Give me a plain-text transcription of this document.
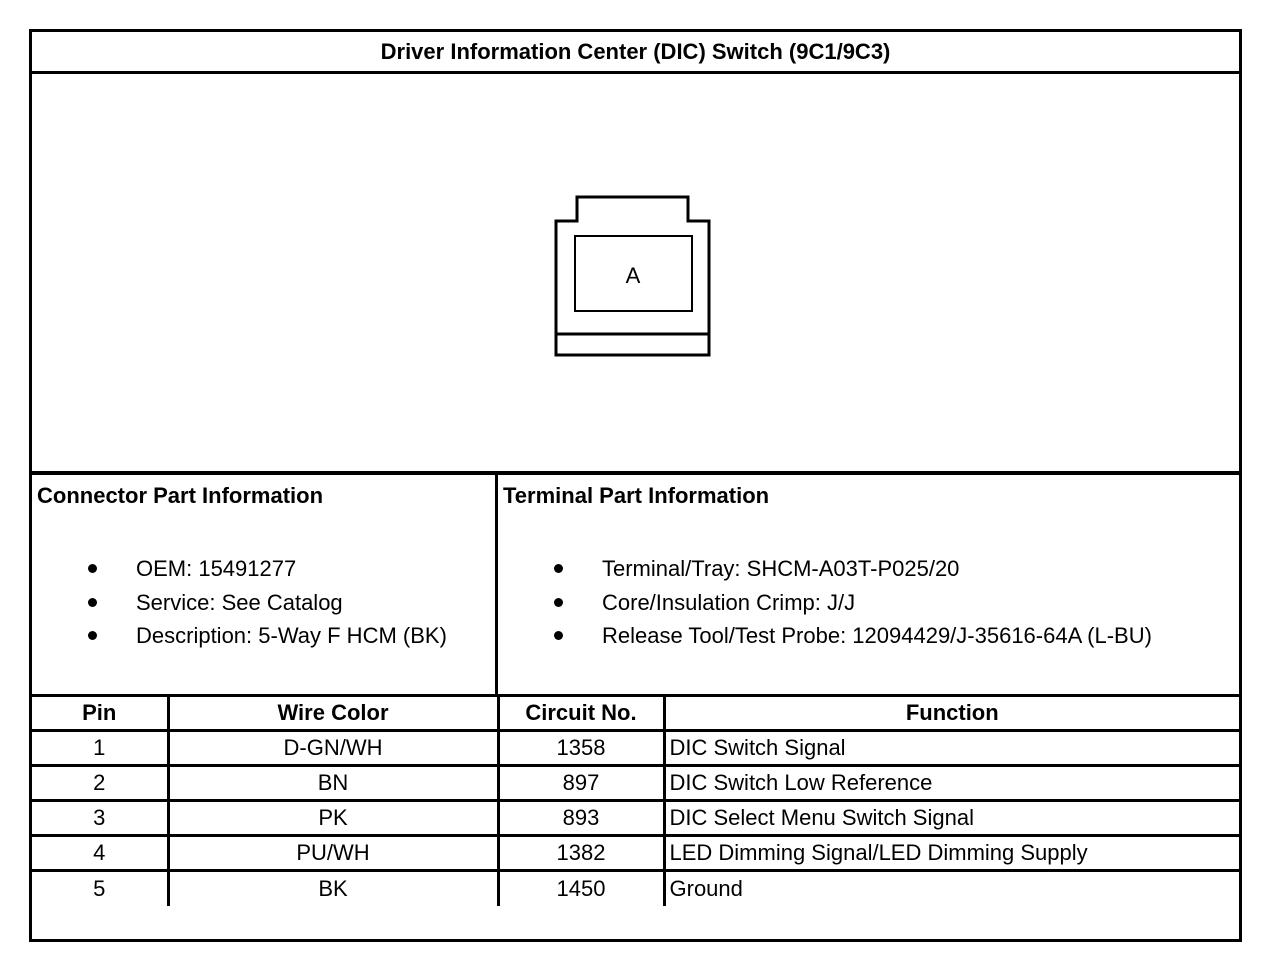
Driver Information Center (DIC) Switch (9C1/9C3)
A
Connector Part Information
OEM: 15491277
Service: See Catalog
Description: 5-Way F HCM (BK)
Terminal Part Information
Terminal/Tray: SHCM-A03T-P025/20
Core/Insulation Crimp: J/J
Release Tool/Test Probe: 12094429/J-35616-64A (L-BU)
Pin	Wire Color	Circuit No.	Function
1	D-GN/WH	1358	DIC Switch Signal
2	BN	897	DIC Switch Low Reference
3	PK	893	DIC Select Menu Switch Signal
4	PU/WH	1382	LED Dimming Signal/LED Dimming Supply
5	BK	1450	Ground
